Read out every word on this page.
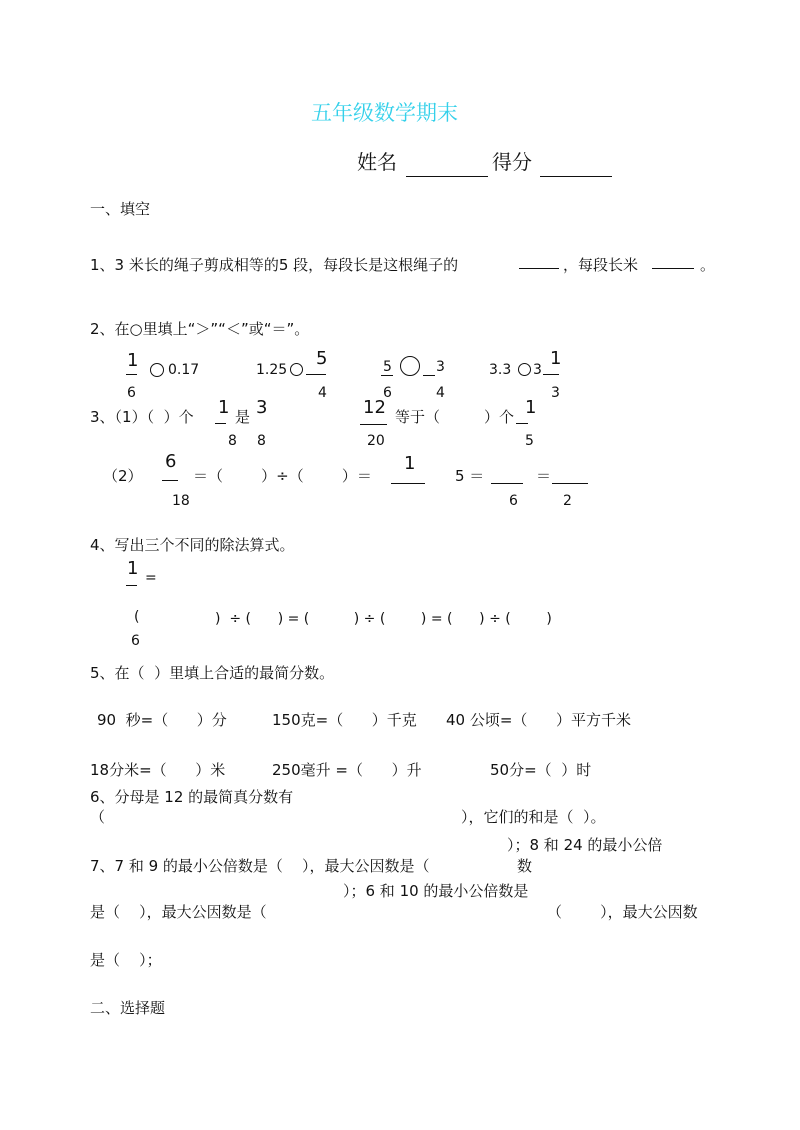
五年级数学期末
姓名	得分
一、填空
1、3 米长的绳子剪成相等的5 段，每段长是这根绳子的	，每段长米	。
2、在○里填上“＞”“＜”或“＝”。
1
6
0.17	1.25
5
4
5
6
3
4
3.3 3
1
3
3、（1）（  ）个 1
8
是 3
8
12
20
等于（	）个 1
5
（2）
6
18
＝（        ）÷（        ）＝
1
5 ＝
6
＝
2
4、写出三个不同的除法算式。
1 =
(	)  ÷ (      ) = (          ) ÷ (        ) = (      ) ÷ (        )
6
5、在（  ）里填上合适的最简分数。
90  秒=（      ）分	150克=（      ）千克 40 公顷=（      ）平方千米
18分米=（      ）米	250毫升 =（      ）升	50分=（  ）时
6、分母是 12 的最简真分数有
（	），它们的和是（  ）。
）；8 和 24 的最小公倍
7、7 和 9 的最小公倍数是（    ），最大公因数是（	数
）；6 和 10 的最小公倍数是
是（    ），最大公因数是（	（        ），最大公因数
是（    ）；
二、选择题
